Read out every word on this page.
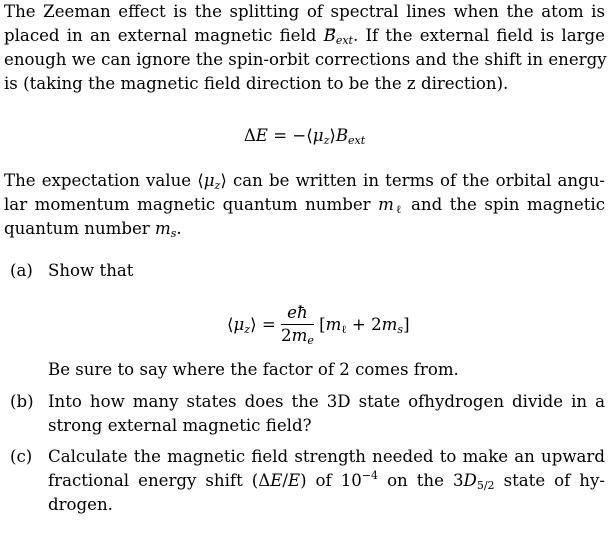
The Zeeman effect is the splitting of spectral lines when the atom is
placed in an external magnetic field $B_{ext}$. If the external field is large
enough we can ignore the spin-orbit corrections and the shift in energy
is (taking the magnetic field direction to be the z direction).
$\Delta E = -⟨\mu_z⟩B_{ext}$
The expectation value $⟨\mu_z⟩$ can be written in terms of the orbital angu-
lar momentum magnetic quantum number $m_\ell$ and the spin magnetic
quantum number $m_s$.
(a) Show that
$⟨\mu_z⟩ = \frac{eħ}{2m_e} [m_\ell + 2m_s]$
Be sure to say where the factor of 2 comes from.
(b) Into how many states does the 3D state ofhydrogen divide in a
strong external magnetic field?
(c) Calculate the magnetic field strength needed to make an upward
fractional energy shift (ΔE/E) of $10^{-4}$ on the $3D_{5/2}$ state of hy-
drogen.
